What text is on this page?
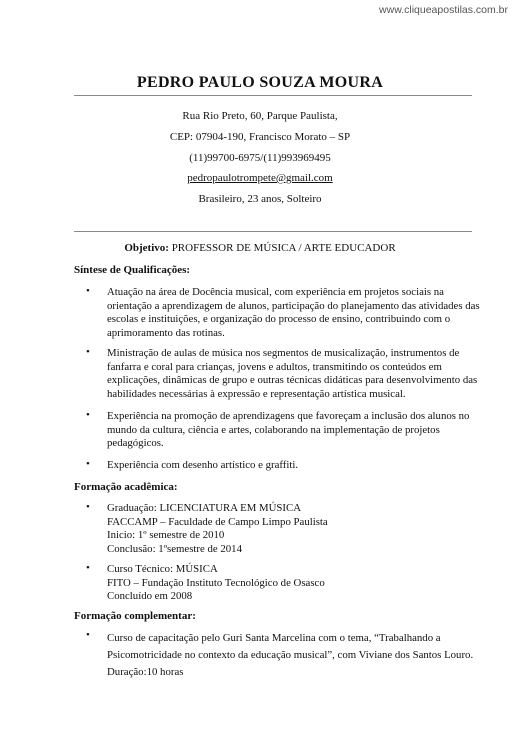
www.cliqueapostilas.com.br
PEDRO PAULO SOUZA MOURA
Rua Rio Preto, 60, Parque Paulista,
CEP: 07904-190, Francisco Morato – SP
(11)99700-6975/(11)993969495
pedropaulotrompete@gmail.com
Brasileiro, 23 anos, Solteiro
Objetivo: PROFESSOR DE MÚSICA / ARTE EDUCADOR
Síntese de Qualificações:
• Atuação na área de Docência musical, com experiência em projetos sociais na
orientação a aprendizagem de alunos, participação do planejamento das atividades das
escolas e instituições, e organização do processo de ensino, contribuindo com o
aprimoramento das rotinas.
• Ministração de aulas de música nos segmentos de musicalização, instrumentos de
fanfarra e coral para crianças, jovens e adultos, transmitindo os conteúdos em
explicações, dinâmicas de grupo e outras técnicas didáticas para desenvolvimento das
habilidades necessárias à expressão e representação artística musical.
• Experiência na promoção de aprendizagens que favoreçam a inclusão dos alunos no
mundo da cultura, ciência e artes, colaborando na implementação de projetos
pedagógicos.
• Experiência com desenho artístico e graffiti.
Formação acadêmica:
• Graduação: LICENCIATURA EM MÚSICA
FACCAMP – Faculdade de Campo Limpo Paulista
Inicio: 1º semestre de 2010
Conclusão: 1ºsemestre de 2014
• Curso Técnico: MÚSICA
FITO – Fundação Instituto Tecnológico de Osasco
Concluído em 2008
Formação complementar:
• Curso de capacitação pelo Guri Santa Marcelina com o tema, “Trabalhando a
Psicomotricidade no contexto da educação musical”, com Viviane dos Santos Louro.
Duração:10 horas
